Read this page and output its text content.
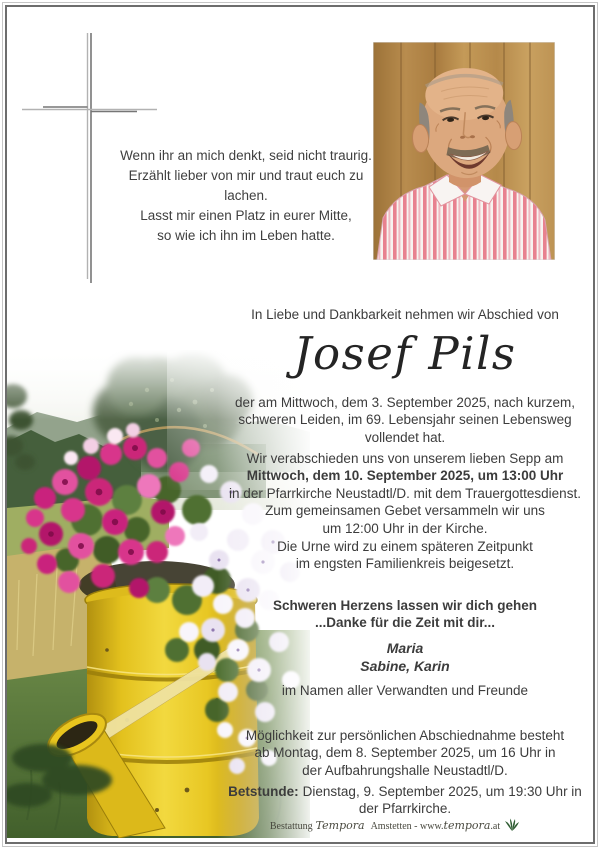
Wenn ihr an mich denkt, seid nicht traurig.
Erzählt lieber von mir und traut euch zu lachen.
Lasst mir einen Platz in eurer Mitte,
so wie ich ihn im Leben hatte.
In Liebe und Dankbarkeit nehmen wir Abschied von
Josef Pils
der am Mittwoch, dem 3. September 2025, nach kurzem,
schweren Leiden, im 69. Lebensjahr seinen Lebensweg vollendet hat.
Wir verabschieden uns von unserem lieben Sepp am
Mittwoch, dem 10. September 2025, um 13:00 Uhr
in der Pfarrkirche Neustadtl/D. mit dem Trauergottesdienst.
Zum gemeinsamen Gebet versammeln wir uns
um 12:00 Uhr in der Kirche.
Die Urne wird zu einem späteren Zeitpunkt
im engsten Familienkreis beigesetzt.
Schweren Herzens lassen wir dich gehen
...Danke für die Zeit mit dir...
Maria
Sabine, Karin
im Namen aller Verwandten und Freunde
Möglichkeit zur persönlichen Abschiednahme besteht
ab Montag, dem 8. September 2025, um 16 Uhr in
der Aufbahrungshalle Neustadtl/D.
Betstunde: Dienstag, 9. September 2025, um 19:30 Uhr in der Pfarrkirche.
Bestattung Tempora Amstetten - www.tempora.at
